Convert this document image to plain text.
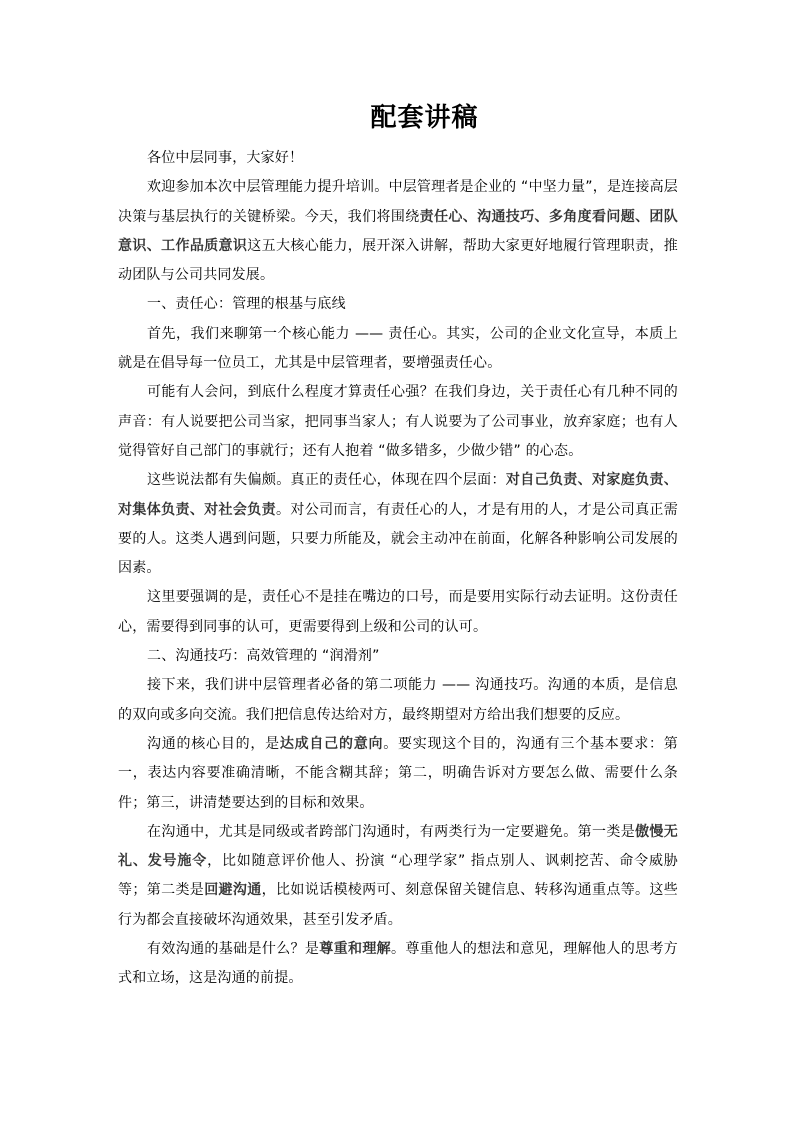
配套讲稿

各位中层同事，大家好！

欢迎参加本次中层管理能力提升培训。中层管理者是企业的 “中坚力量”，是连接高层决策与基层执行的关键桥梁。今天，我们将围绕责任心、沟通技巧、多角度看问题、团队意识、工作品质意识这五大核心能力，展开深入讲解，帮助大家更好地履行管理职责，推动团队与公司共同发展。

一、责任心：管理的根基与底线

首先，我们来聊第一个核心能力 —— 责任心。其实，公司的企业文化宣导，本质上就是在倡导每一位员工，尤其是中层管理者，要增强责任心。

可能有人会问，到底什么程度才算责任心强？在我们身边，关于责任心有几种不同的声音：有人说要把公司当家，把同事当家人；有人说要为了公司事业，放弃家庭；也有人觉得管好自己部门的事就行；还有人抱着 “做多错多，少做少错” 的心态。

这些说法都有失偏颇。真正的责任心，体现在四个层面：对自己负责、对家庭负责、对集体负责、对社会负责。对公司而言，有责任心的人，才是有用的人，才是公司真正需要的人。这类人遇到问题，只要力所能及，就会主动冲在前面，化解各种影响公司发展的因素。

这里要强调的是，责任心不是挂在嘴边的口号，而是要用实际行动去证明。这份责任心，需要得到同事的认可，更需要得到上级和公司的认可。

二、沟通技巧：高效管理的 “润滑剂”

接下来，我们讲中层管理者必备的第二项能力 —— 沟通技巧。沟通的本质，是信息的双向或多向交流。我们把信息传达给对方，最终期望对方给出我们想要的反应。

沟通的核心目的，是达成自己的意向。要实现这个目的，沟通有三个基本要求：第一，表达内容要准确清晰，不能含糊其辞；第二，明确告诉对方要怎么做、需要什么条件；第三，讲清楚要达到的目标和效果。

在沟通中，尤其是同级或者跨部门沟通时，有两类行为一定要避免。第一类是傲慢无礼、发号施令，比如随意评价他人、扮演 “心理学家” 指点别人、讽刺挖苦、命令威胁等；第二类是回避沟通，比如说话模棱两可、刻意保留关键信息、转移沟通重点等。这些行为都会直接破坏沟通效果，甚至引发矛盾。

有效沟通的基础是什么？是尊重和理解。尊重他人的想法和意见，理解他人的思考方式和立场，这是沟通的前提。
